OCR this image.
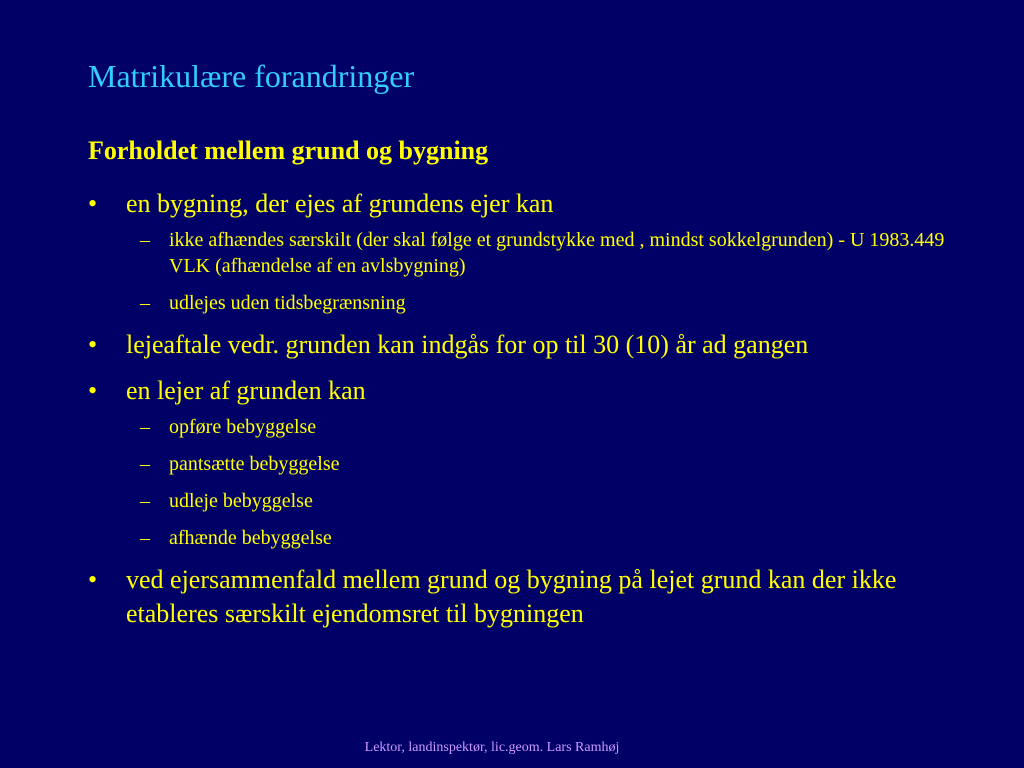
Matrikulære forandringer
Forholdet mellem grund og bygning
• en bygning, der ejes af grundens ejer kan
– ikke afhændes særskilt (der skal følge et grundstykke med , mindst sokkelgrunden) - U 1983.449 VLK (afhændelse af en avlsbygning)
– udlejes uden tidsbegrænsning
• lejeaftale vedr. grunden kan indgås for op til 30 (10) år ad gangen
• en lejer af grunden kan
– opføre bebyggelse
– pantsætte bebyggelse
– udleje bebyggelse
– afhænde bebyggelse
• ved ejersammenfald mellem grund og bygning på lejet grund kan der ikke etableres særskilt ejendomsret til bygningen
Lektor, landinspektør, lic.geom. Lars Ramhøj
